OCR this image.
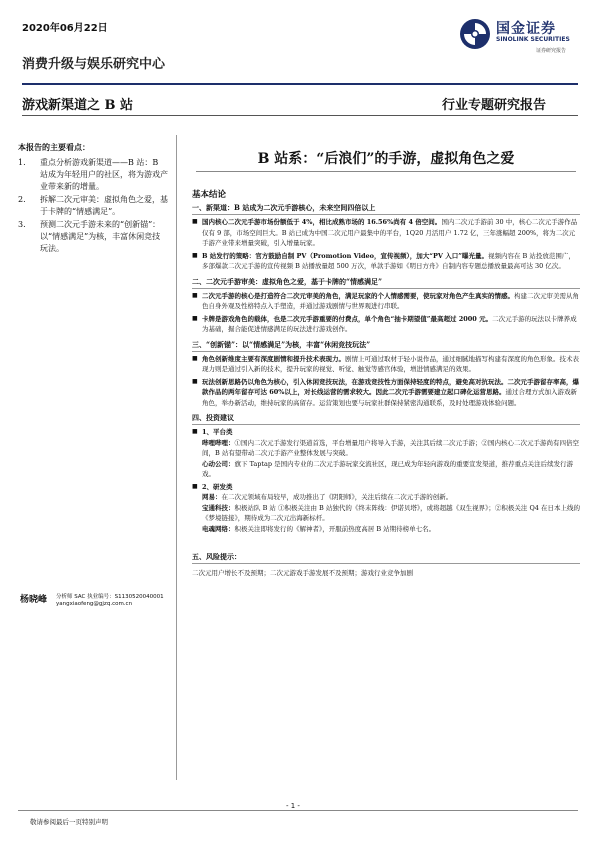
2020年06月22日	国金证券
SINOLINK SECURITIES
证券研究报告
消费升级与娱乐研究中心
游戏新渠道之 B 站	行业专题研究报告
本报告的主要看点：
1.	重点分析游戏新渠道——B 站：B 站成为年轻用户的社区，将为游戏产业带来新的增量。
2.	拆解二次元审美：虚拟角色之爱，基于卡牌的“情感满足”。
3.	预测二次元手游未来的“创新锚”：以“情感满足”为核，丰富休闲竞技玩法。
杨晓峰 分析师 SAC 执业编号：S1130520040001
yangxiaofeng@gjzq.com.cn
B 站系：“后浪们”的手游，虚拟角色之爱
基本结论
一、新渠道：B 站成为二次元手游核心，未来空间四倍以上
■ 国内核心二次元手游市场份额低于 4%，相比成熟市场的 16.56%尚有 4 倍空间。国内二次元手游前 30 中，核心二次元手游作品仅有 9 部，市场空间巨大。B 站已成为中国二次元用户最集中的平台，1Q20 月活用户 1.72 亿，三年涨幅超 200%，将为二次元手游产业带来增量突破，引入增量玩家。
■ B 站发行的策略：官方鼓励自制 PV（Promotion Video，宣传视频），加大“PV 入口”曝光量。视频内容在 B 站投放范围广，多部爆款二次元手游的宣传视频 B 站播放量超 500 万次，单款手游如《明日方舟》自制内容专题总播放量最高可达 30 亿次。
二、二次元手游审美：虚拟角色之爱，基于卡牌的“情感满足”
■ 二次元手游的核心是打造符合二次元审美的角色，满足玩家的个人情感需要，使玩家对角色产生真实的情感。构建二次元审美需从角色自身外观及性格特点入手塑造，并通过游戏剧情与世界观进行串联。
■ 卡牌是游戏角色的载体，也是二次元手游重要的付费点，单个角色“抽卡期望值”最高超过 2000 元。二次元手游的玩法以卡牌养成为基础，掘合能促进情感满足的玩法进行游戏创作。
三、“创新锚”：以“情感满足”为核，丰富“休闲竞技玩法”
■ 角色创新维度主要有深度剧情和提升技术表现力。剧情上可通过取材于轻小说作品，通过细腻地描写构建有深度的角色形象。技术表现力则是通过引入新的技术，提升玩家的视觉、听觉、触觉等感官体验，增进情感满足的效果。
■ 玩法创新思路仍以角色为核心，引入休闲竞技玩法，在游戏竞技性方面保持轻度的特点，避免高对抗玩法。二次元手游留存率高，爆款作品的两年留存可达 60%以上，对长线运营的需求较大。因此二次元手游需要建立起口碑化运营思路。通过合理方式加入游戏新角色，举办新活动，维持玩家的高留存。运营策划也要与玩家社群保持紧密沟通联系，及时处理游戏体验问题。
四、投资建议
■ 1、平台类
哔哩哔哩：①国内二次元手游发行渠道首选，平台增量用户将导入手游，关注其后续二次元手游；②国内核心二次元手游尚有四倍空间，B 站有望带动二次元手游产业整体发展与突破。
心动公司：旗下 Taptap 是国内专业的二次元手游玩家交流社区，现已成为年轻向游戏的重要宣发渠道，推荐重点关注后续发行游戏。
■ 2、研发类
网易：在二次元领域布局较早，成功推出了《阴阳师》，关注后续在二次元手游的创新。
宝通科技：积极站队 B 站 ①积极关注由 B 站独代的《终末阵线：伊诺贝塔》，或将超越《双生视界》；②积极关注 Q4 在日本上线的《梦境链接》，期待成为二次元出海新标杆。
电魂网络：积极关注即将发行的《解神者》，开服前热度高居 B 站期待榜单七名。
五、风险提示：
二次元用户增长不及预期；二次元游戏手游发展不及预期；游戏行业竞争加剧
- 1 -
敬请参阅最后一页特别声明
